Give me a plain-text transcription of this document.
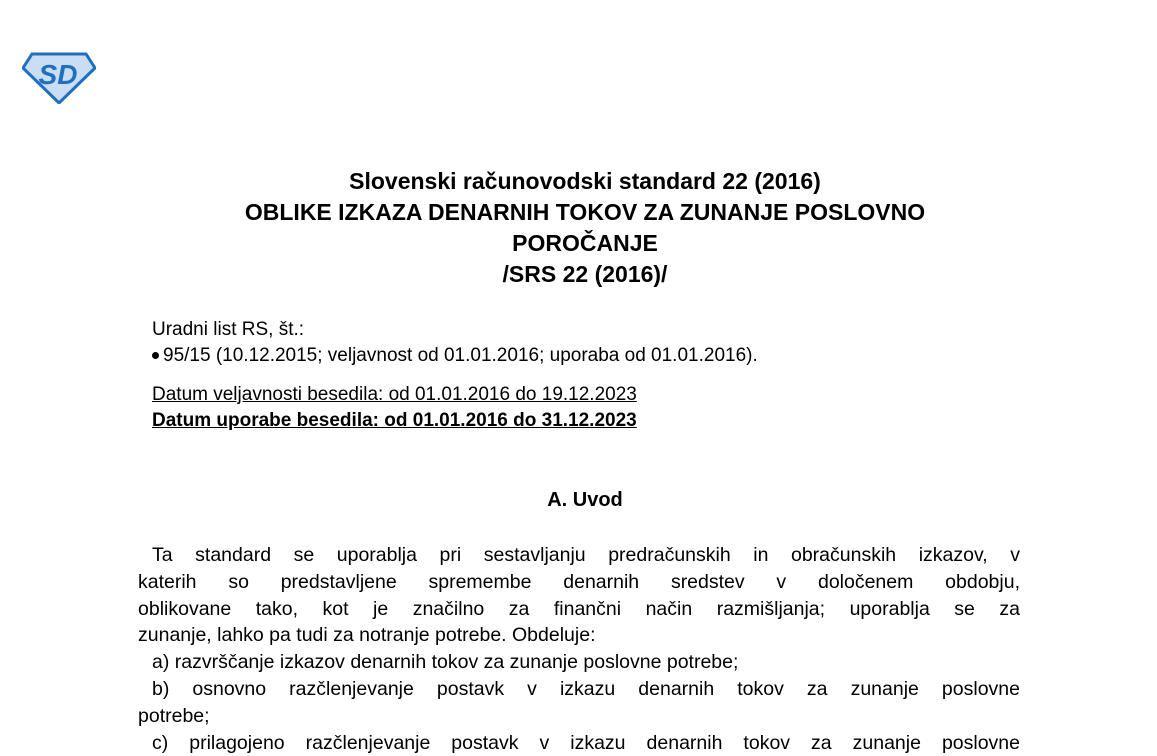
SD
Slovenski računovodski standard 22 (2016)
OBLIKE IZKAZA DENARNIH TOKOV ZA ZUNANJE POSLOVNO
POROČANJE
/SRS 22 (2016)/
Uradni list RS, št.:
95/15 (10.12.2015; veljavnost od 01.01.2016; uporaba od 01.01.2016).
Datum veljavnosti besedila: od 01.01.2016 do 19.12.2023
Datum uporabe besedila: od 01.01.2016 do 31.12.2023
A. Uvod
Ta standard se uporablja pri sestavljanju predračunskih in obračunskih izkazov, v
katerih so predstavljene spremembe denarnih sredstev v določenem obdobju,
oblikovane tako, kot je značilno za finančni način razmišljanja; uporablja se za
zunanje, lahko pa tudi za notranje potrebe. Obdeluje:
a) razvrščanje izkazov denarnih tokov za zunanje poslovne potrebe;
b) osnovno razčlenjevanje postavk v izkazu denarnih tokov za zunanje poslovne
potrebe;
c) prilagojeno razčlenjevanje postavk v izkazu denarnih tokov za zunanje poslovne
